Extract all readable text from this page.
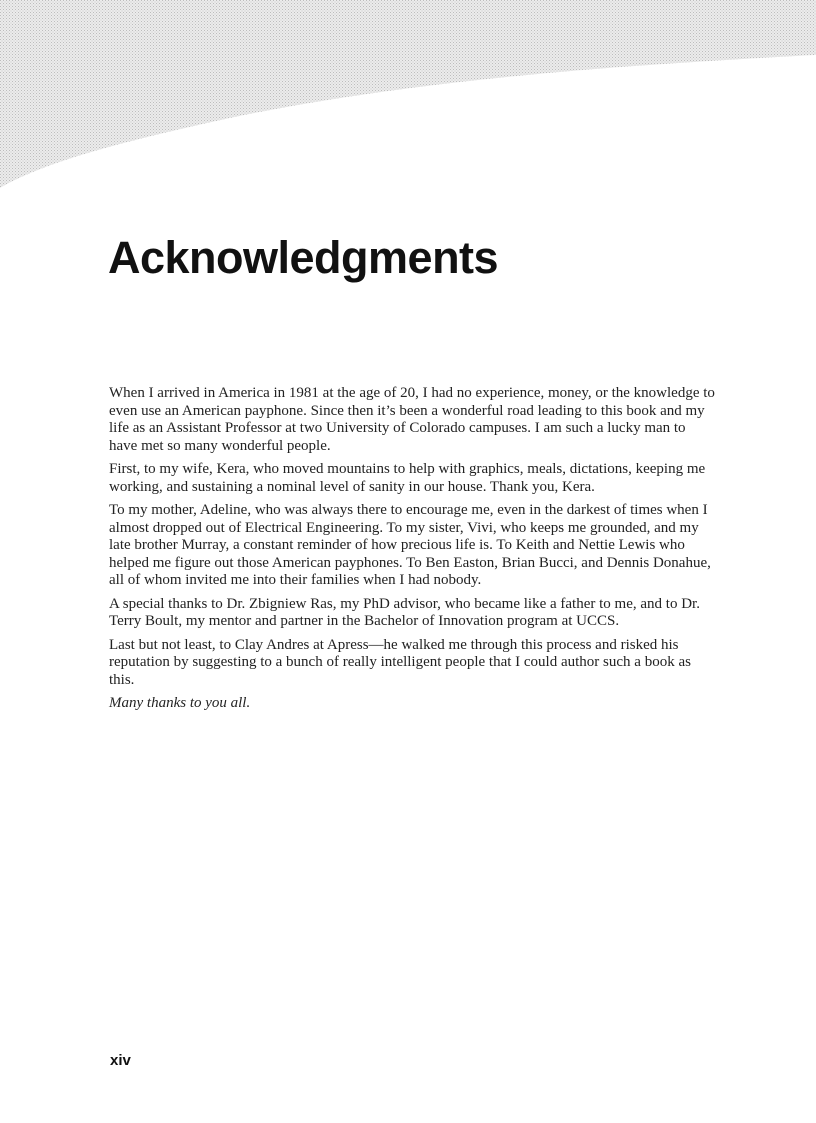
Acknowledgments

When I arrived in America in 1981 at the age of 20, I had no experience, money, or the knowledge to even use an American payphone. Since then it’s been a wonderful road leading to this book and my life as an Assistant Professor at two University of Colorado campuses. I am such a lucky man to have met so many wonderful people.

First, to my wife, Kera, who moved mountains to help with graphics, meals, dictations, keeping me working, and sustaining a nominal level of sanity in our house. Thank you, Kera.

To my mother, Adeline, who was always there to encourage me, even in the darkest of times when I almost dropped out of Electrical Engineering. To my sister, Vivi, who keeps me grounded, and my late brother Murray, a constant reminder of how precious life is. To Keith and Nettie Lewis who helped me figure out those American payphones. To Ben Easton, Brian Bucci, and Dennis Donahue, all of whom invited me into their families when I had nobody.

A special thanks to Dr. Zbigniew Ras, my PhD advisor, who became like a father to me, and to Dr. Terry Boult, my mentor and partner in the Bachelor of Innovation program at UCCS.

Last but not least, to Clay Andres at Apress—he walked me through this process and risked his reputation by suggesting to a bunch of really intelligent people that I could author such a book as this.

Many thanks to you all.

xiv
